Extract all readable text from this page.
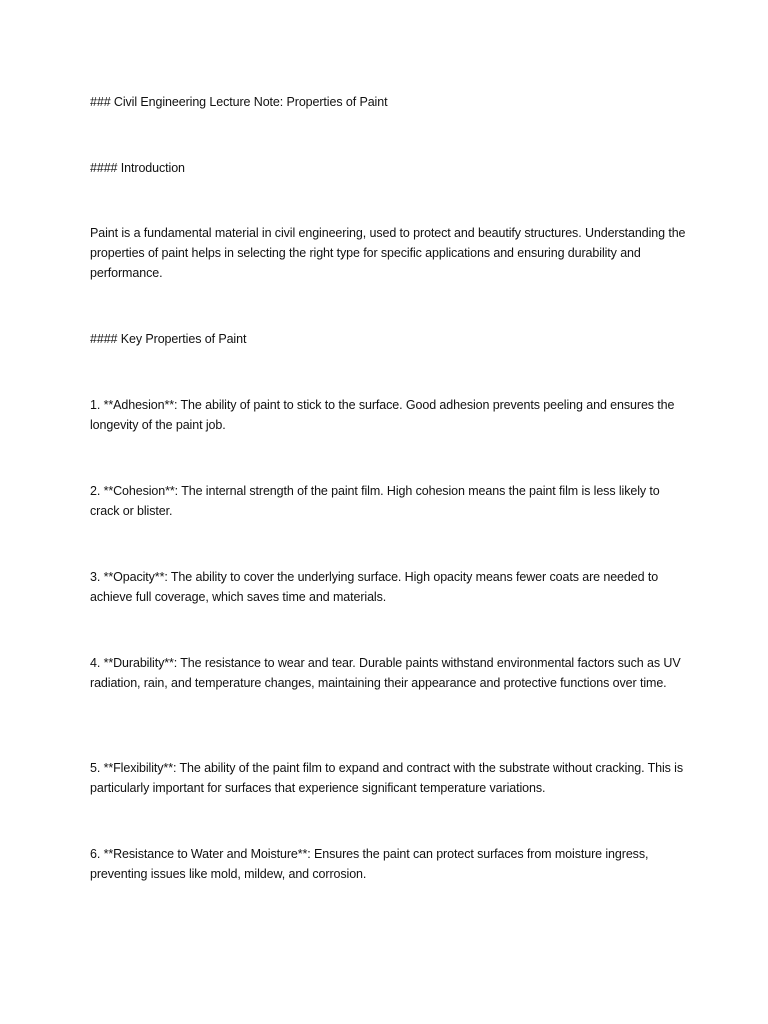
### Civil Engineering Lecture Note: Properties of Paint
#### Introduction
Paint is a fundamental material in civil engineering, used to protect and beautify structures. Understanding the properties of paint helps in selecting the right type for specific applications and ensuring durability and performance.
#### Key Properties of Paint
1. **Adhesion**: The ability of paint to stick to the surface. Good adhesion prevents peeling and ensures the longevity of the paint job.
2. **Cohesion**: The internal strength of the paint film. High cohesion means the paint film is less likely to crack or blister.
3. **Opacity**: The ability to cover the underlying surface. High opacity means fewer coats are needed to achieve full coverage, which saves time and materials.
4. **Durability**: The resistance to wear and tear. Durable paints withstand environmental factors such as UV radiation, rain, and temperature changes, maintaining their appearance and protective functions over time.
5. **Flexibility**: The ability of the paint film to expand and contract with the substrate without cracking. This is particularly important for surfaces that experience significant temperature variations.
6. **Resistance to Water and Moisture**: Ensures the paint can protect surfaces from moisture ingress, preventing issues like mold, mildew, and corrosion.
